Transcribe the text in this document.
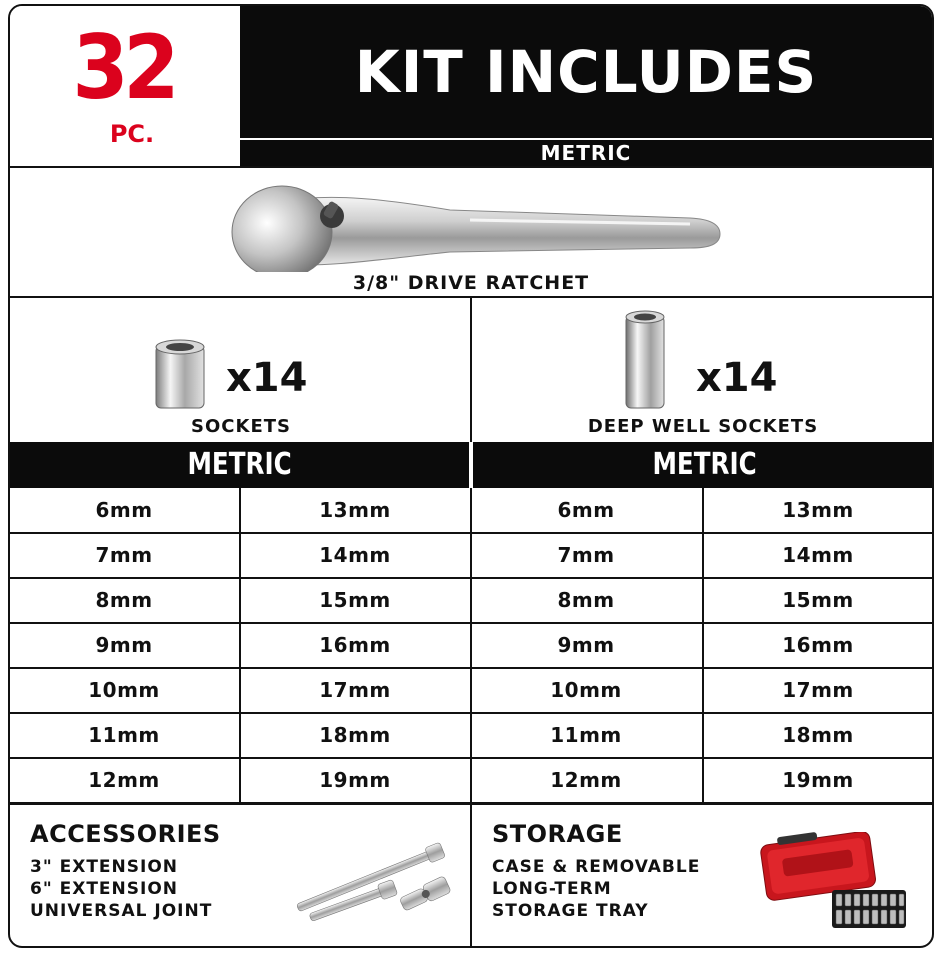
32
PC.
KIT INCLUDES
METRIC
3/8" DRIVE RATCHET
x14
SOCKETS
x14
DEEP WELL SOCKETS
METRIC	METRIC
6mm
7mm
8mm
9mm
10mm
11mm
12mm
13mm
14mm
15mm
16mm
17mm
18mm
19mm
6mm
7mm
8mm
9mm
10mm
11mm
12mm
13mm
14mm
15mm
16mm
17mm
18mm
19mm
ACCESSORIES
3" EXTENSION
6" EXTENSION
UNIVERSAL JOINT
STORAGE
CASE & REMOVABLE
LONG-TERM
STORAGE TRAY
